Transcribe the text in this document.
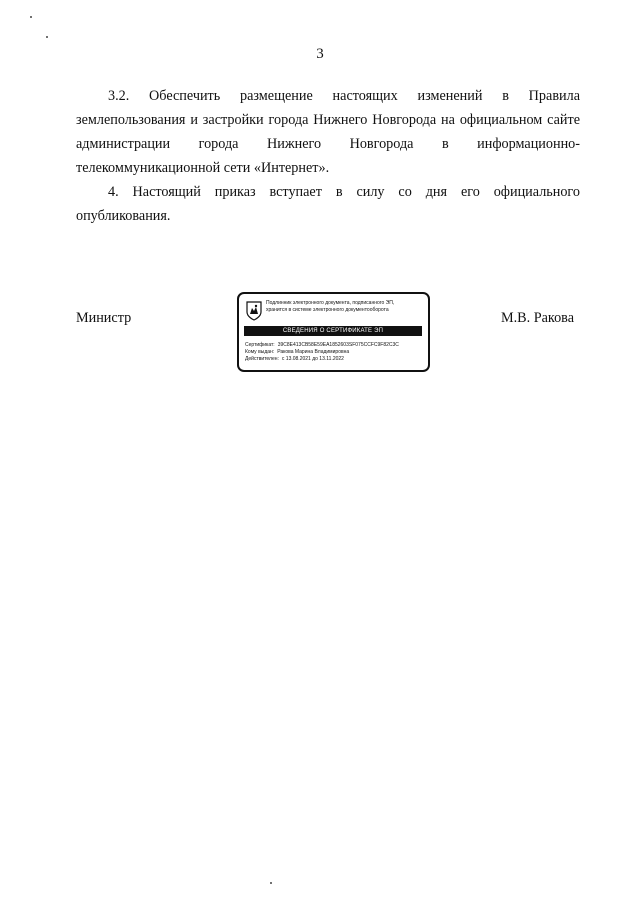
3
3.2. Обеспечить размещение настоящих изменений в Правила
землепользования и застройки города Нижнего Новгорода на официальном сайте
администрации города Нижнего Новгорода в информационно-
телекоммуникационной сети «Интернет».
4. Настоящий приказ вступает в силу со дня его официального
опубликования.
Министр
Подлинник электронного документа, подписанного ЭП,
хранится в системе электронного документооборота
СВЕДЕНИЯ О СЕРТИФИКАТЕ ЭП
Сертификат: 39C8E413CB58E59EA1852603SF075CCFC9F82C3C
Кому выдан: Ракова Марина Владимировна
Действителен: с 13.08.2021 до 13.11.2022
М.В. Ракова
